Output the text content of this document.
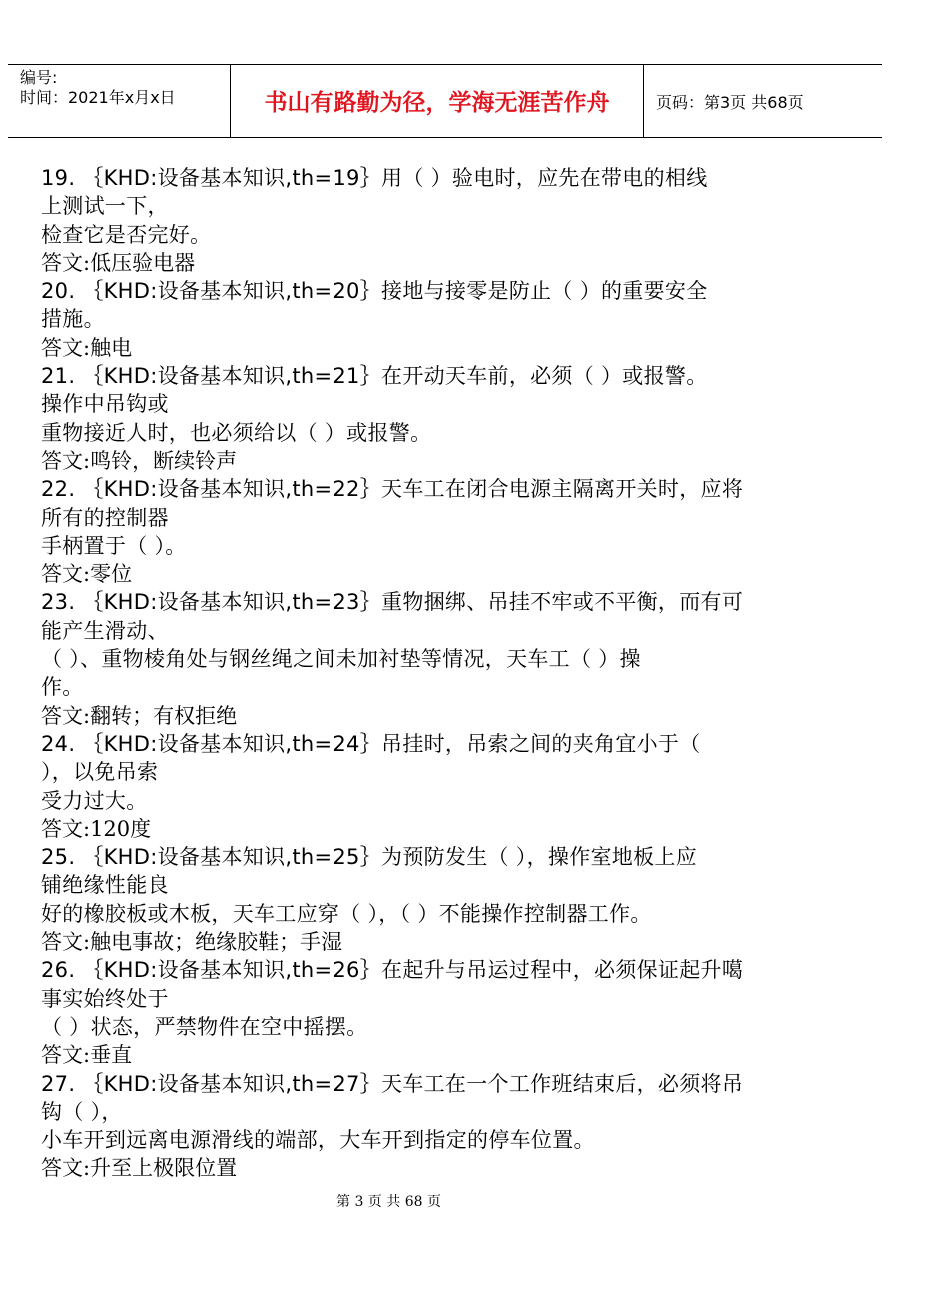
编号:
时间：2021年x月x日	书山有路勤为径，学海无涯苦作舟	页码：第3页 共68页
19. ｛KHD:设备基本知识,th=19｝用（ ）验电时，应先在带电的相线
上测试一下，
检查它是否完好。
答文:低压验电器
20. ｛KHD:设备基本知识,th=20｝接地与接零是防止（ ）的重要安全
措施。
答文:触电
21. ｛KHD:设备基本知识,th=21｝在开动天车前，必须（ ）或报警。
操作中吊钩或
重物接近人时，也必须给以（ ）或报警。
答文:鸣铃，断续铃声
22. ｛KHD:设备基本知识,th=22｝天车工在闭合电源主隔离开关时，应将
所有的控制器
手柄置于（ ）。
答文:零位
23. ｛KHD:设备基本知识,th=23｝重物捆绑、吊挂不牢或不平衡，而有可
能产生滑动、
（ ）、重物棱角处与钢丝绳之间未加衬垫等情况，天车工（ ）操
作。
答文:翻转；有权拒绝
24. ｛KHD:设备基本知识,th=24｝吊挂时，吊索之间的夹角宜小于（
），以免吊索
受力过大。
答文:120度
25. ｛KHD:设备基本知识,th=25｝为预防发生（ ），操作室地板上应
铺绝缘性能良
好的橡胶板或木板，天车工应穿（ ），（ ）不能操作控制器工作。
答文:触电事故；绝缘胶鞋；手湿
26. ｛KHD:设备基本知识,th=26｝在起升与吊运过程中，必须保证起升噶
事实始终处于
（ ）状态，严禁物件在空中摇摆。
答文:垂直
27. ｛KHD:设备基本知识,th=27｝天车工在一个工作班结束后，必须将吊
钩（ ），
小车开到远离电源滑线的端部，大车开到指定的停车位置。
答文:升至上极限位置
第 3 页 共 68 页
